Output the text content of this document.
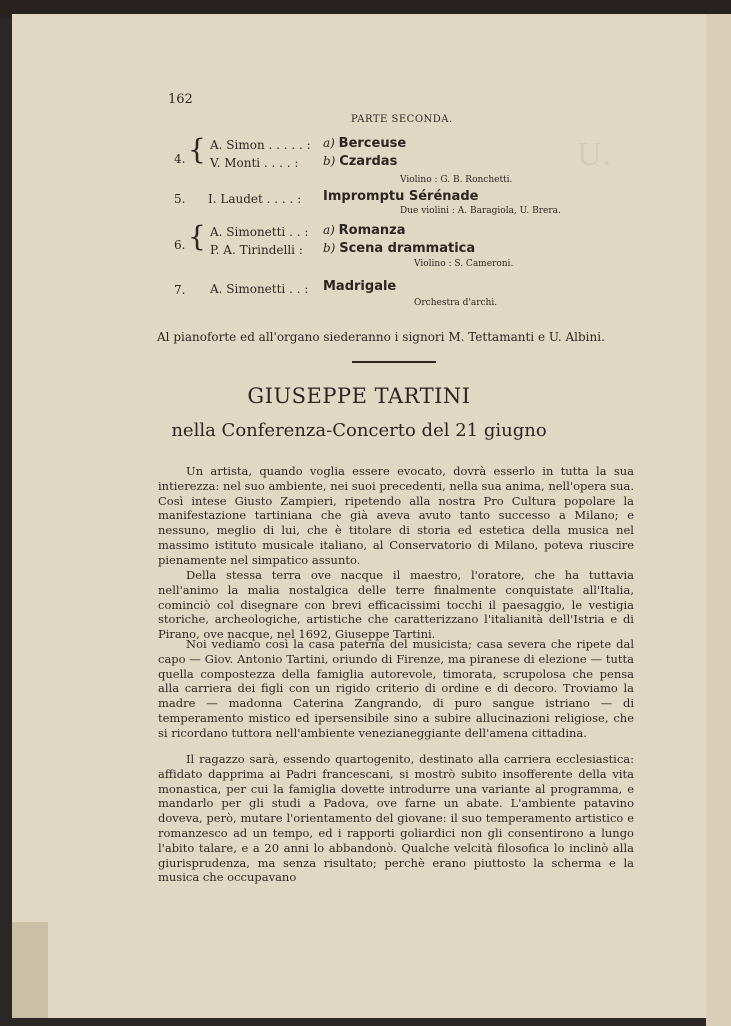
U.
162
PARTE SECONDA.
4. { A. Simon . . . . . :
V. Monti . . . . :
a) Berceuse
b) Czardas
Violino : G. B. Ronchetti.
5. I. Laudet . . . . : Impromptu Sérénade
Due violini : A. Baragiola, U. Brera.
6. { A. Simonetti . . :
P. A. Tirindelli :
a) Romanza
b) Scena drammatica
Violino : S. Cameroni.
7. A. Simonetti . . : Madrigale
Orchestra d'archi.
Al pianoforte ed all'organo siederanno i signori M. Tettamanti e U. Albini.
GIUSEPPE TARTINI
nella Conferenza-Concerto del 21 giugno

Un artista, quando voglia essere evocato, dovrà esserlo in tutta la sua intierezza: nel suo ambiente, nei suoi precedenti, nella sua anima, nell'opera sua. Così intese Giusto Zampieri, ripetendo alla nostra Pro Cultura popolare la manifestazione tartiniana che già aveva avuto tanto successo a Milano; e nessuno, meglio di lui, che è titolare di storia ed estetica della musica nel massimo istituto musicale italiano, al Conservatorio di Milano, poteva riuscire pienamente nel simpatico assunto.

Della stessa terra ove nacque il maestro, l'oratore, che ha tuttavia nell'animo la malia nostalgica delle terre finalmente conquistate all'Italia, cominciò col disegnare con brevi efficacissimi tocchi il paesaggio, le vestigia storiche, archeologiche, artistiche che caratterizzano l'italianità dell'Istria e di Pirano, ove nacque, nel 1692, Giuseppe Tartini.

Noi vediamo così la casa paterna del musicista; casa severa che ripete dal capo — Giov. Antonio Tartini, oriundo di Firenze, ma piranese di elezione — tutta quella compostezza della famiglia autorevole, timorata, scrupolosa che pensa alla carriera dei figli con un rigido criterio di ordine e di decoro. Troviamo la madre — madonna Caterina Zangrando, di puro sangue istriano — di temperamento mistico ed ipersensibile sino a subire allucinazioni religiose, che si ricordano tuttora nell'ambiente venezianeggiante dell'amena cittadina.

Il ragazzo sarà, essendo quartogenito, destinato alla carriera ecclesiastica: affidato dapprima ai Padri francescani, si mostrò subito insofferente della vita monastica, per cui la famiglia dovette introdurre una variante al programma, e mandarlo per gli studi a Padova, ove farne un abate. L'ambiente patavino doveva, però, mutare l'orientamento del giovane: il suo temperamento artistico e romanzesco ad un tempo, ed i rapporti goliardici non gli consentirono a lungo l'abito talare, e a 20 anni lo abbandonò. Qualche velcità filosofica lo inclinò alla giurisprudenza, ma senza risultato; perchè erano piuttosto la scherma e la musica che occupavano
